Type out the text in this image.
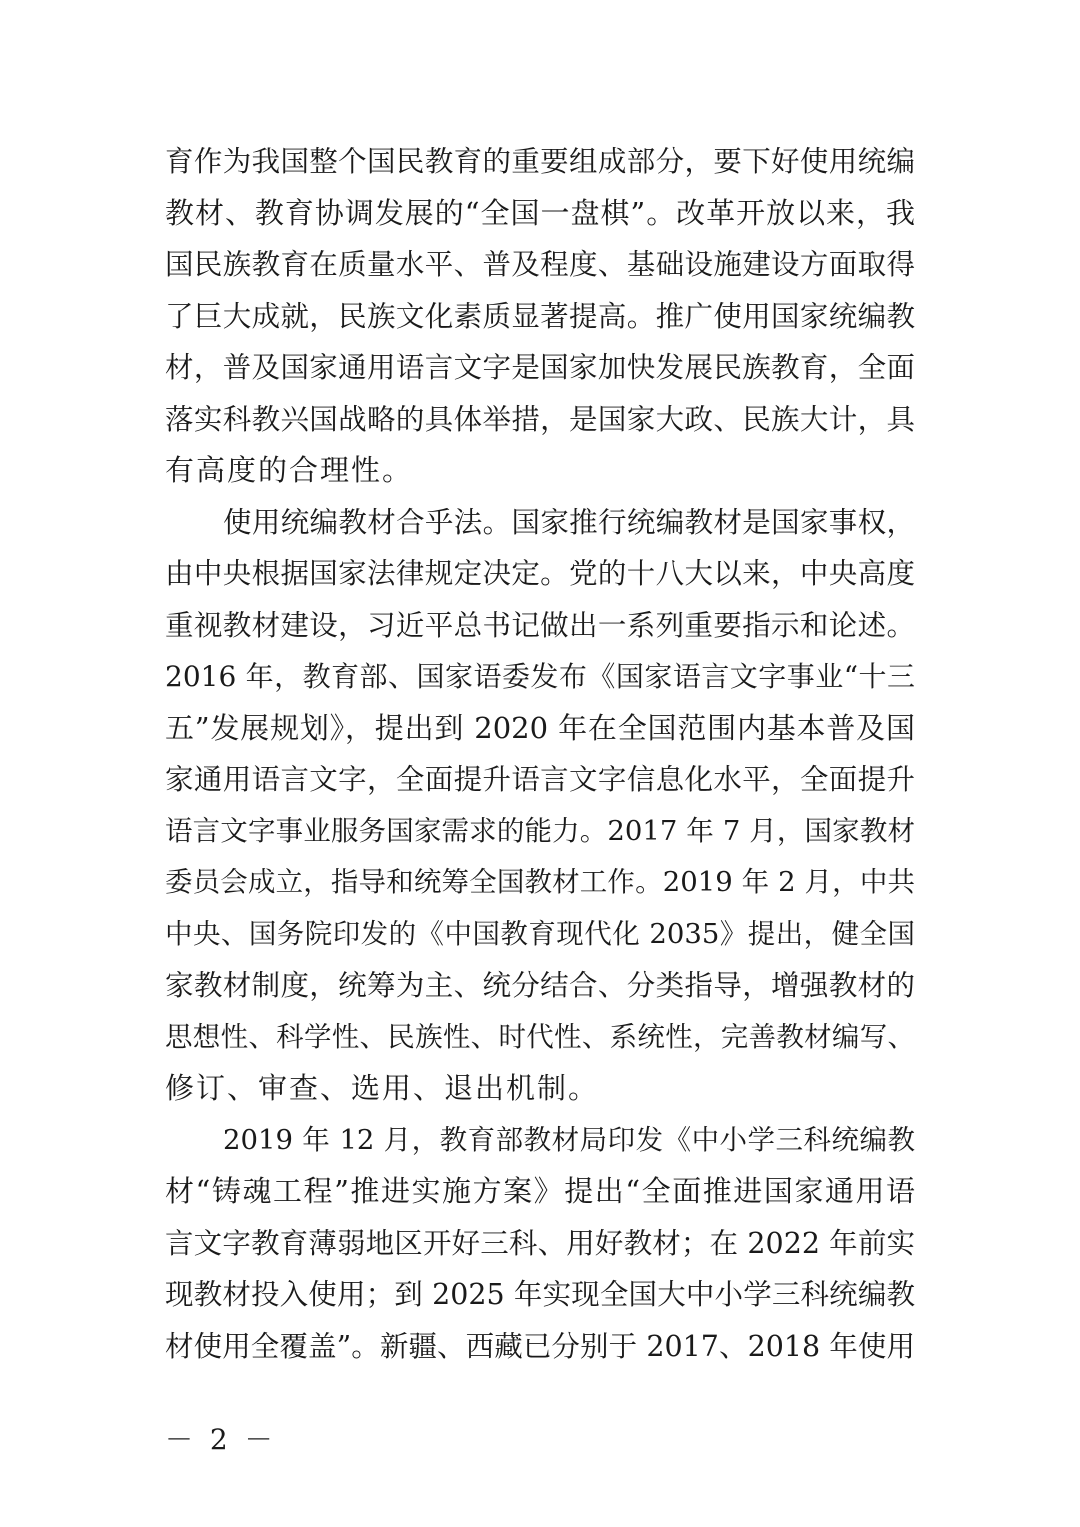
育作为我国整个国民教育的重要组成部分，要下好使用统编
教材、教育协调发展的“全国一盘棋”。改革开放以来，我
国民族教育在质量水平、普及程度、基础设施建设方面取得
了巨大成就，民族文化素质显著提高。推广使用国家统编教
材，普及国家通用语言文字是国家加快发展民族教育，全面
落实科教兴国战略的具体举措，是国家大政、民族大计，具
有高度的合理性。
使用统编教材合乎法。国家推行统编教材是国家事权，
由中央根据国家法律规定决定。党的十八大以来，中央高度
重视教材建设，习近平总书记做出一系列重要指示和论述。
2016 年，教育部、国家语委发布《国家语言文字事业“十三
五”发展规划》，提出到 2020 年在全国范围内基本普及国
家通用语言文字，全面提升语言文字信息化水平，全面提升
语言文字事业服务国家需求的能力。2017 年 7 月，国家教材
委员会成立，指导和统筹全国教材工作。2019 年 2 月，中共
中央、国务院印发的《中国教育现代化 2035》提出，健全国
家教材制度，统筹为主、统分结合、分类指导，增强教材的
思想性、科学性、民族性、时代性、系统性，完善教材编写、
修订、审查、选用、退出机制。
2019 年 12 月，教育部教材局印发《中小学三科统编教
材“铸魂工程”推进实施方案》提出“全面推进国家通用语
言文字教育薄弱地区开好三科、用好教材；在 2022 年前实
现教材投入使用；到 2025 年实现全国大中小学三科统编教
材使用全覆盖”。新疆、西藏已分别于 2017、2018 年使用
－ 2 －
